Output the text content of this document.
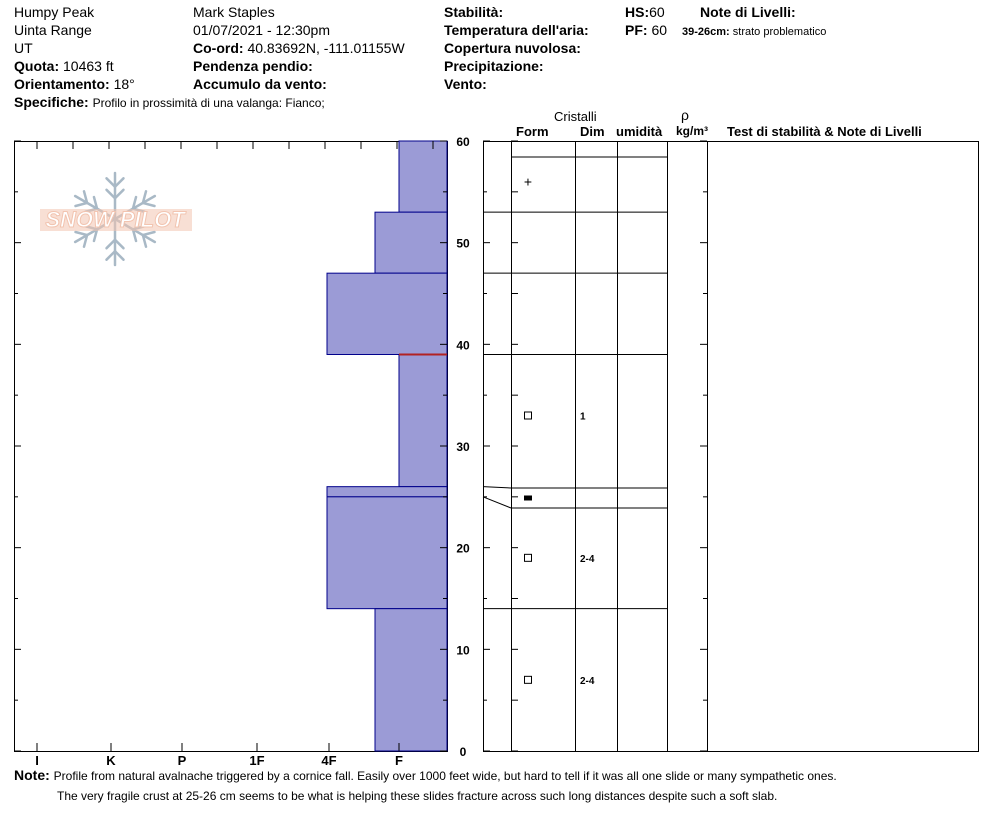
I	K	P	1F	4F	F
0
10
20
30
40
50
60
+
1
2-4
2-4
SNOW PILOT
Humpy Peak
Uinta Range
UT
Quota: 10463 ft
Orientamento: 18°
Specifiche: Profilo in prossimità di una valanga: Fianco;
Mark Staples
01/07/2021 - 12:30pm
Co-ord: 40.83692N, -111.01155W
Pendenza pendio:
Accumulo da vento:
Stabilità:
Temperatura dell'aria:
Copertura nuvolosa:
Precipitazione:
Vento:
HS:60
PF: 60
Note di Livelli:
39-26cm: strato problematico
Cristalli
Form Dim umidità
ρ
kg/m³ Test di stabilità & Note di Livelli
Note: Profile from natural avalnache triggered by a cornice fall. Easily over 1000 feet wide, but hard to tell if it was all one slide or many sympathetic ones.
The very fragile crust at 25-26 cm seems to be what is helping these slides fracture across such long distances despite such a soft slab.
